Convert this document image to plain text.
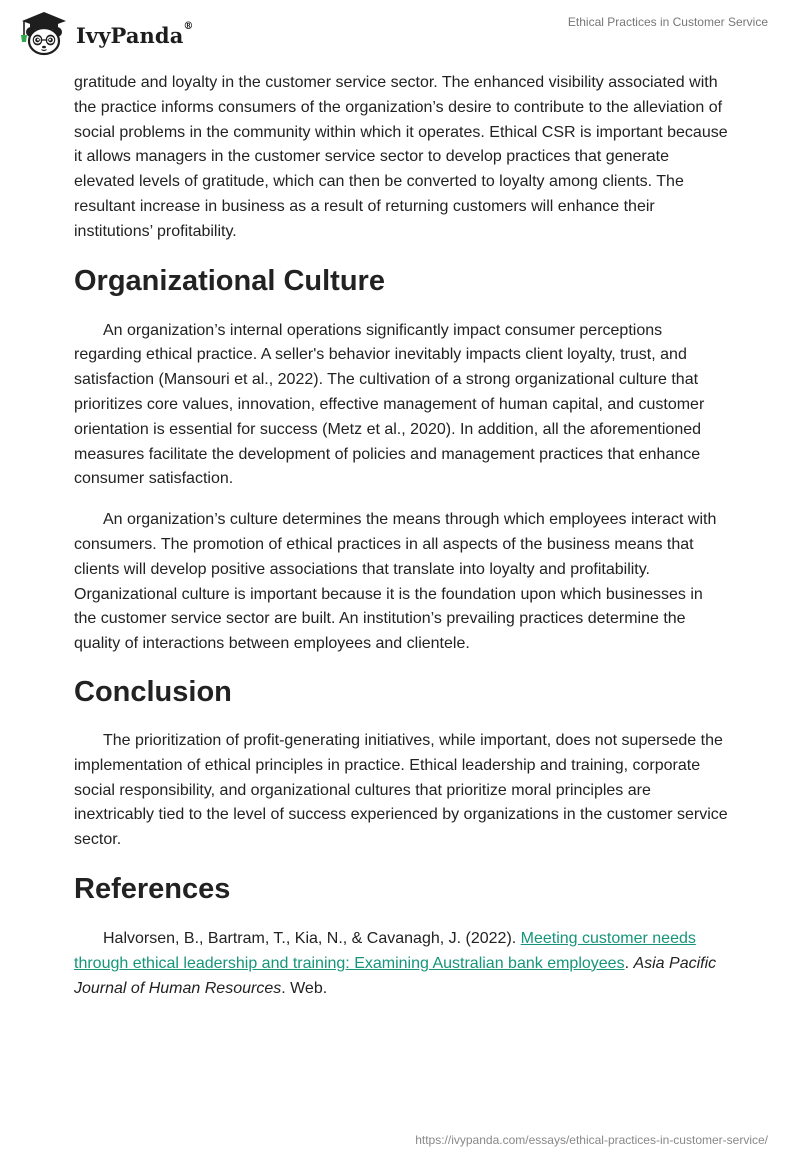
IvyPanda®	Ethical Practices in Customer Service

gratitude and loyalty in the customer service sector. The enhanced visibility associated with the practice informs consumers of the organization’s desire to contribute to the alleviation of social problems in the community within which it operates. Ethical CSR is important because it allows managers in the customer service sector to develop practices that generate elevated levels of gratitude, which can then be converted to loyalty among clients. The resultant increase in business as a result of returning customers will enhance their institutions’ profitability.

Organizational Culture

An organization’s internal operations significantly impact consumer perceptions regarding ethical practice. A seller's behavior inevitably impacts client loyalty, trust, and satisfaction (Mansouri et al., 2022). The cultivation of a strong organizational culture that prioritizes core values, innovation, effective management of human capital, and customer orientation is essential for success (Metz et al., 2020). In addition, all the aforementioned measures facilitate the development of policies and management practices that enhance consumer satisfaction.

An organization’s culture determines the means through which employees interact with consumers. The promotion of ethical practices in all aspects of the business means that clients will develop positive associations that translate into loyalty and profitability. Organizational culture is important because it is the foundation upon which businesses in the customer service sector are built. An institution’s prevailing practices determine the quality of interactions between employees and clientele.

Conclusion

The prioritization of profit-generating initiatives, while important, does not supersede the implementation of ethical principles in practice. Ethical leadership and training, corporate social responsibility, and organizational cultures that prioritize moral principles are inextricably tied to the level of success experienced by organizations in the customer service sector.

References

Halvorsen, B., Bartram, T., Kia, N., & Cavanagh, J. (2022). Meeting customer needs through ethical leadership and training: Examining Australian bank employees. Asia Pacific Journal of Human Resources. Web.

https://ivypanda.com/essays/ethical-practices-in-customer-service/
